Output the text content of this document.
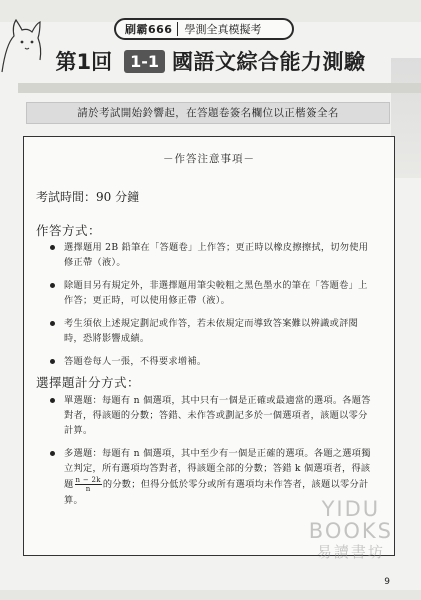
刷霸666	學測全真模擬考
第1回	1-1 國語文綜合能力測驗
請於考試開始鈴響起，在答題卷簽名欄位以正楷簽全名
－作答注意事項－
考試時間：90 分鐘
作答方式：
選擇題用 2B 鉛筆在「答題卷」上作答；更正時以橡皮擦擦拭，切勿使用修正帶（液）。
除題目另有規定外，非選擇題用筆尖較粗之黑色墨水的筆在「答題卷」上作答；更正時，可以使用修正帶（液）。
考生須依上述規定劃記或作答，若未依規定而導致答案難以辨識或評閱時，恐將影響成績。
答題卷每人一張，不得要求增補。
選擇題計分方式：
單選題：每題有 n 個選項，其中只有一個是正確或最適當的選項。各題答對者，得該題的分數；答錯、未作答或劃記多於一個選項者，該題以零分計算。
多選題：每題有 n 個選項，其中至少有一個是正確的選項。各題之選項獨立判定，所有選項均答對者，得該題全部的分數；答錯 k 個選項者，得該題 $\frac{n - 2k}{n}$ 的分數；但得分低於零分或所有選項均未作答者，該題以零分計算。	YIDU
BOOKS
易讀書坊
9
